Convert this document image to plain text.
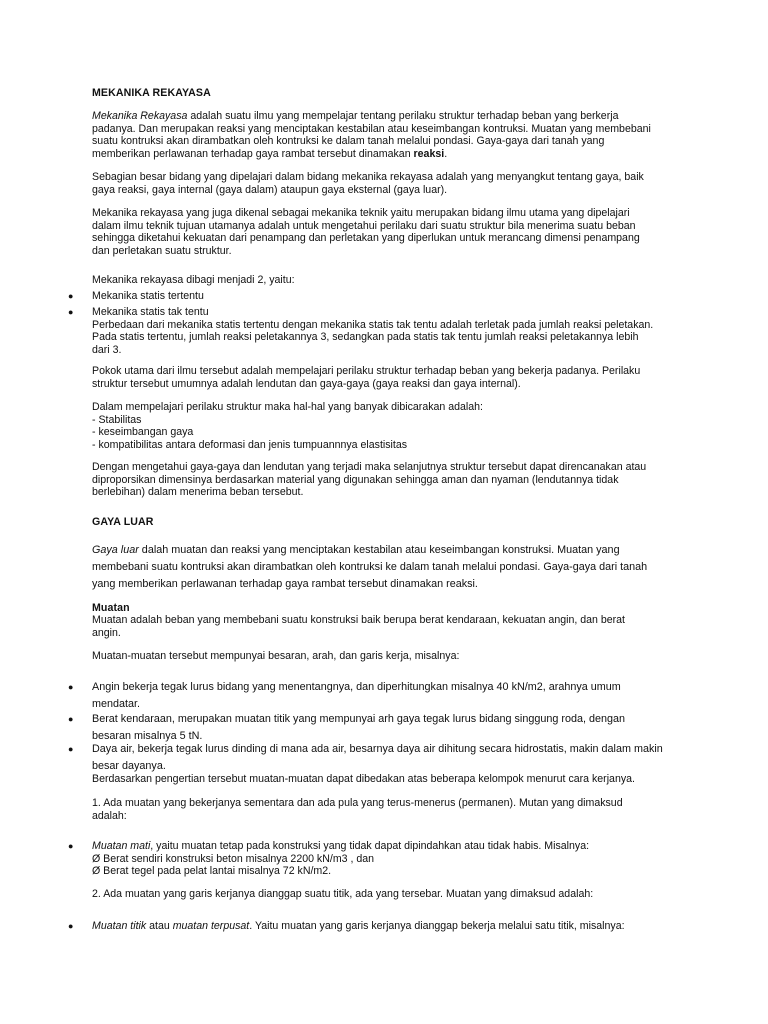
MEKANIKA REKAYASA

Mekanika Rekayasa adalah suatu ilmu yang mempelajar tentang perilaku struktur terhadap beban yang berkerja
padanya. Dan merupakan reaksi yang menciptakan kestabilan atau keseimbangan kontruksi. Muatan yang membebani
suatu kontruksi akan dirambatkan oleh kontruksi ke dalam tanah melalui pondasi. Gaya-gaya dari tanah yang
memberikan perlawanan terhadap gaya rambat tersebut dinamakan reaksi.

Sebagian besar bidang yang dipelajari dalam bidang mekanika rekayasa adalah yang menyangkut tentang gaya, baik
gaya reaksi, gaya internal (gaya dalam) ataupun gaya eksternal (gaya luar).

Mekanika rekayasa yang juga dikenal sebagai mekanika teknik yaitu merupakan bidang ilmu utama yang dipelajari
dalam ilmu teknik tujuan utamanya adalah untuk mengetahui perilaku dari suatu struktur bila menerima suatu beban
sehingga diketahui kekuatan dari penampang dan perletakan yang diperlukan untuk merancang dimensi penampang
dan perletakan suatu struktur.

Mekanika rekayasa dibagi menjadi 2, yaitu:

● Mekanika statis tertentu
● Mekanika statis tak tentu
Perbedaan dari mekanika statis tertentu dengan mekanika statis tak tentu adalah terletak pada jumlah reaksi peletakan.
Pada statis tertentu, jumlah reaksi peletakannya 3, sedangkan pada statis tak tentu jumlah reaksi peletakannya lebih
dari 3.

Pokok utama dari ilmu tersebut adalah mempelajari perilaku struktur terhadap beban yang bekerja padanya. Perilaku
struktur tersebut umumnya adalah lendutan dan gaya-gaya (gaya reaksi dan gaya internal).

Dalam mempelajari perilaku struktur maka hal-hal yang banyak dibicarakan adalah:
- Stabilitas
- keseimbangan gaya
- kompatibilitas antara deformasi dan jenis tumpuannnya elastisitas

Dengan mengetahui gaya-gaya dan lendutan yang terjadi maka selanjutnya struktur tersebut dapat direncanakan atau
diproporsikan dimensinya berdasarkan material yang digunakan sehingga aman dan nyaman (lendutannya tidak
berlebihan) dalam menerima beban tersebut.

GAYA LUAR

Gaya luar dalah muatan dan reaksi yang menciptakan kestabilan atau keseimbangan konstruksi. Muatan yang
membebani suatu kontruksi akan dirambatkan oleh kontruksi ke dalam tanah melalui pondasi. Gaya-gaya dari tanah
yang memberikan perlawanan terhadap gaya rambat tersebut dinamakan reaksi.

Muatan

Muatan adalah beban yang membebani suatu konstruksi baik berupa berat kendaraan, kekuatan angin, dan berat
angin.

Muatan-muatan tersebut mempunyai besaran, arah, dan garis kerja, misalnya:

● Angin bekerja tegak lurus bidang yang menentangnya, dan diperhitungkan misalnya 40 kN/m2, arahnya umum
mendatar.
● Berat kendaraan, merupakan muatan titik yang mempunyai arh gaya tegak lurus bidang singgung roda, dengan
besaran misalnya 5 tN.
● Daya air, bekerja tegak lurus dinding di mana ada air, besarnya daya air dihitung secara hidrostatis, makin dalam makin
besar dayanya.

Berdasarkan pengertian tersebut muatan-muatan dapat dibedakan atas beberapa kelompok menurut cara kerjanya.

1. Ada muatan yang bekerjanya sementara dan ada pula yang terus-menerus (permanen). Mutan yang dimaksud
adalah:

● Muatan mati, yaitu muatan tetap pada konstruksi yang tidak dapat dipindahkan atau tidak habis. Misalnya:
Ø Berat sendiri konstruksi beton misalnya 2200 kN/m3 , dan
Ø Berat tegel pada pelat lantai misalnya 72 kN/m2.

2. Ada muatan yang garis kerjanya dianggap suatu titik, ada yang tersebar. Muatan yang dimaksud adalah:

● Muatan titik atau muatan terpusat. Yaitu muatan yang garis kerjanya dianggap bekerja melalui satu titik, misalnya:
